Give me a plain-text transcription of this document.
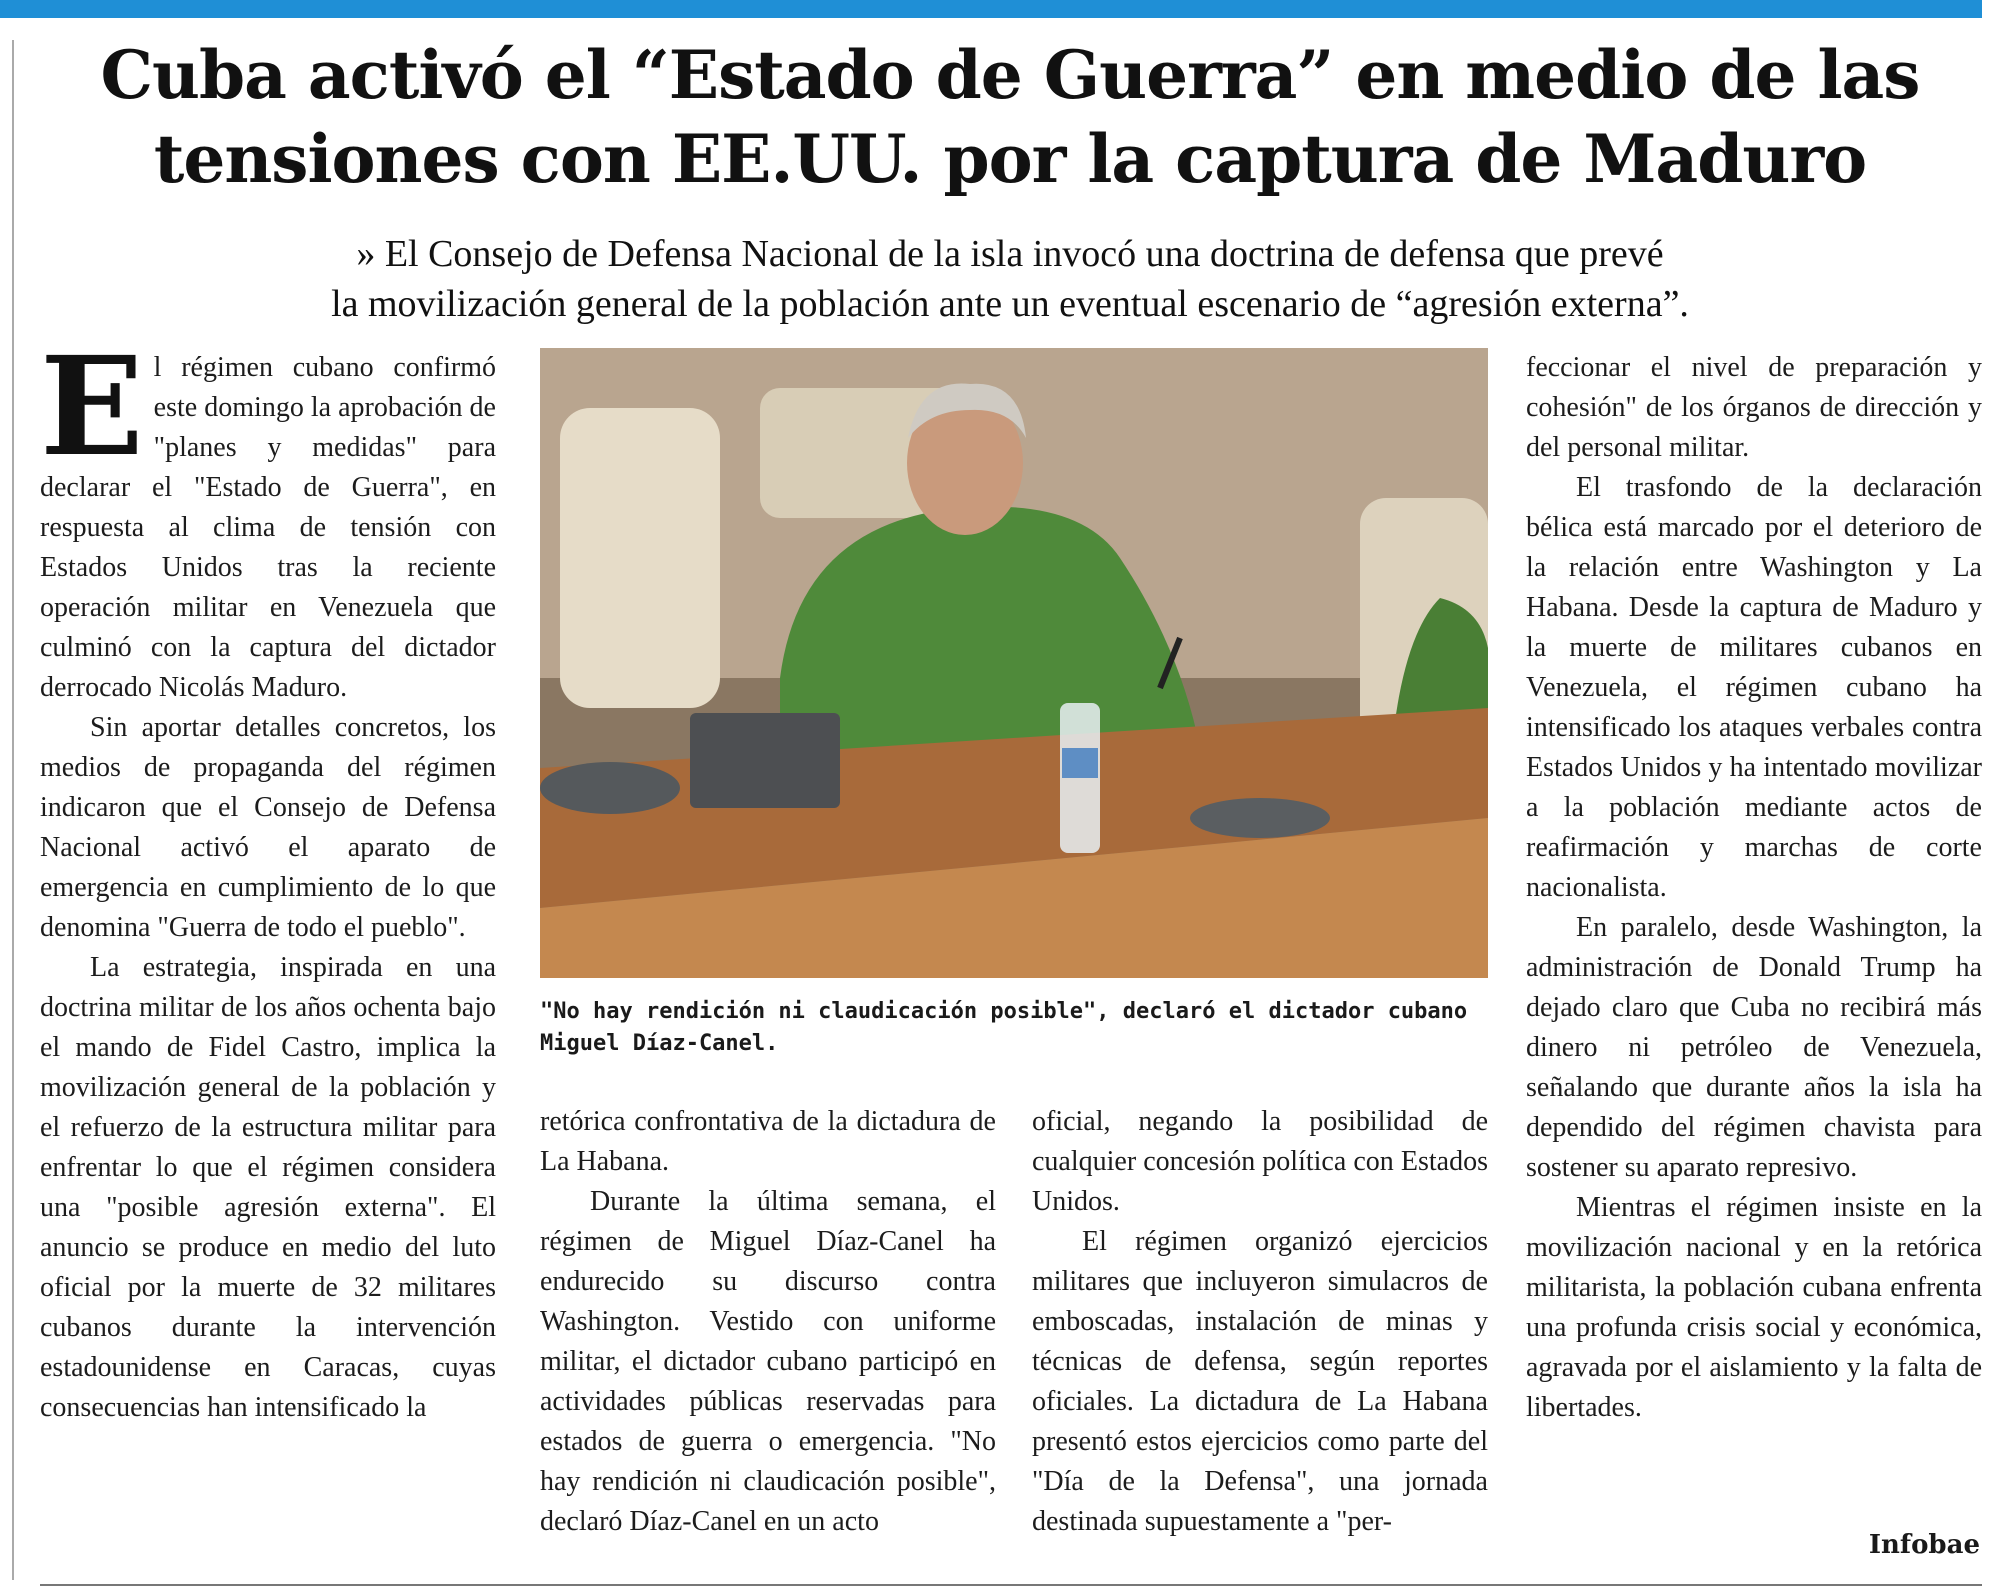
Cuba activó el “Estado de Guerra” en medio de las
tensiones con EE.UU. por la captura de Maduro
» El Consejo de Defensa Nacional de la isla invocó una doctrina de defensa que prevé
la movilización general de la población ante un eventual escenario de “agresión externa”.
E l régimen cubano confirmó este domingo la aprobación de "planes y medidas" para declarar el "Estado de Guerra", en respuesta al clima de tensión con Estados Unidos tras la reciente operación militar en Venezuela que culminó con la captura del dictador derrocado Nicolás Maduro.

Sin aportar detalles concretos, los medios de propaganda del régimen indicaron que el Consejo de Defensa Nacional activó el aparato de emergencia en cumplimiento de lo que denomina "Guerra de todo el pueblo".

La estrategia, inspirada en una doctrina militar de los años ochenta bajo el mando de Fidel Castro, implica la movilización general de la población y el refuerzo de la estructura militar para enfrentar lo que el régimen considera una "posible agresión externa". El anuncio se produce en medio del luto oficial por la muerte de 32 militares cubanos durante la intervención estadounidense en Caracas, cuyas consecuencias han intensificado la

"No hay rendición ni claudicación posible", declaró el dictador cubano Miguel Díaz-Canel.

retórica confrontativa de la dictadura de La Habana.

Durante la última semana, el régimen de Miguel Díaz-Canel ha endurecido su discurso contra Washington. Vestido con uniforme militar, el dictador cubano participó en actividades públicas reservadas para estados de guerra o emergencia. "No hay rendición ni claudicación posible", declaró Díaz-Canel en un acto

oficial, negando la posibilidad de cualquier concesión política con Estados Unidos.

El régimen organizó ejercicios militares que incluyeron simulacros de emboscadas, instalación de minas y técnicas de defensa, según reportes oficiales. La dictadura de La Habana presentó estos ejercicios como parte del "Día de la Defensa", una jornada destinada supuestamente a "per-

feccionar el nivel de preparación y cohesión" de los órganos de dirección y del personal militar.

El trasfondo de la declaración bélica está marcado por el deterioro de la relación entre Washington y La Habana. Desde la captura de Maduro y la muerte de militares cubanos en Venezuela, el régimen cubano ha intensificado los ataques verbales contra Estados Unidos y ha intentado movilizar a la población mediante actos de reafirmación y marchas de corte nacionalista.

En paralelo, desde Washington, la administración de Donald Trump ha dejado claro que Cuba no recibirá más dinero ni petróleo de Venezuela, señalando que durante años la isla ha dependido del régimen chavista para sostener su aparato represivo.

Mientras el régimen insiste en la movilización nacional y en la retórica militarista, la población cubana enfrenta una profunda crisis social y económica, agravada por el aislamiento y la falta de libertades.

Infobae
